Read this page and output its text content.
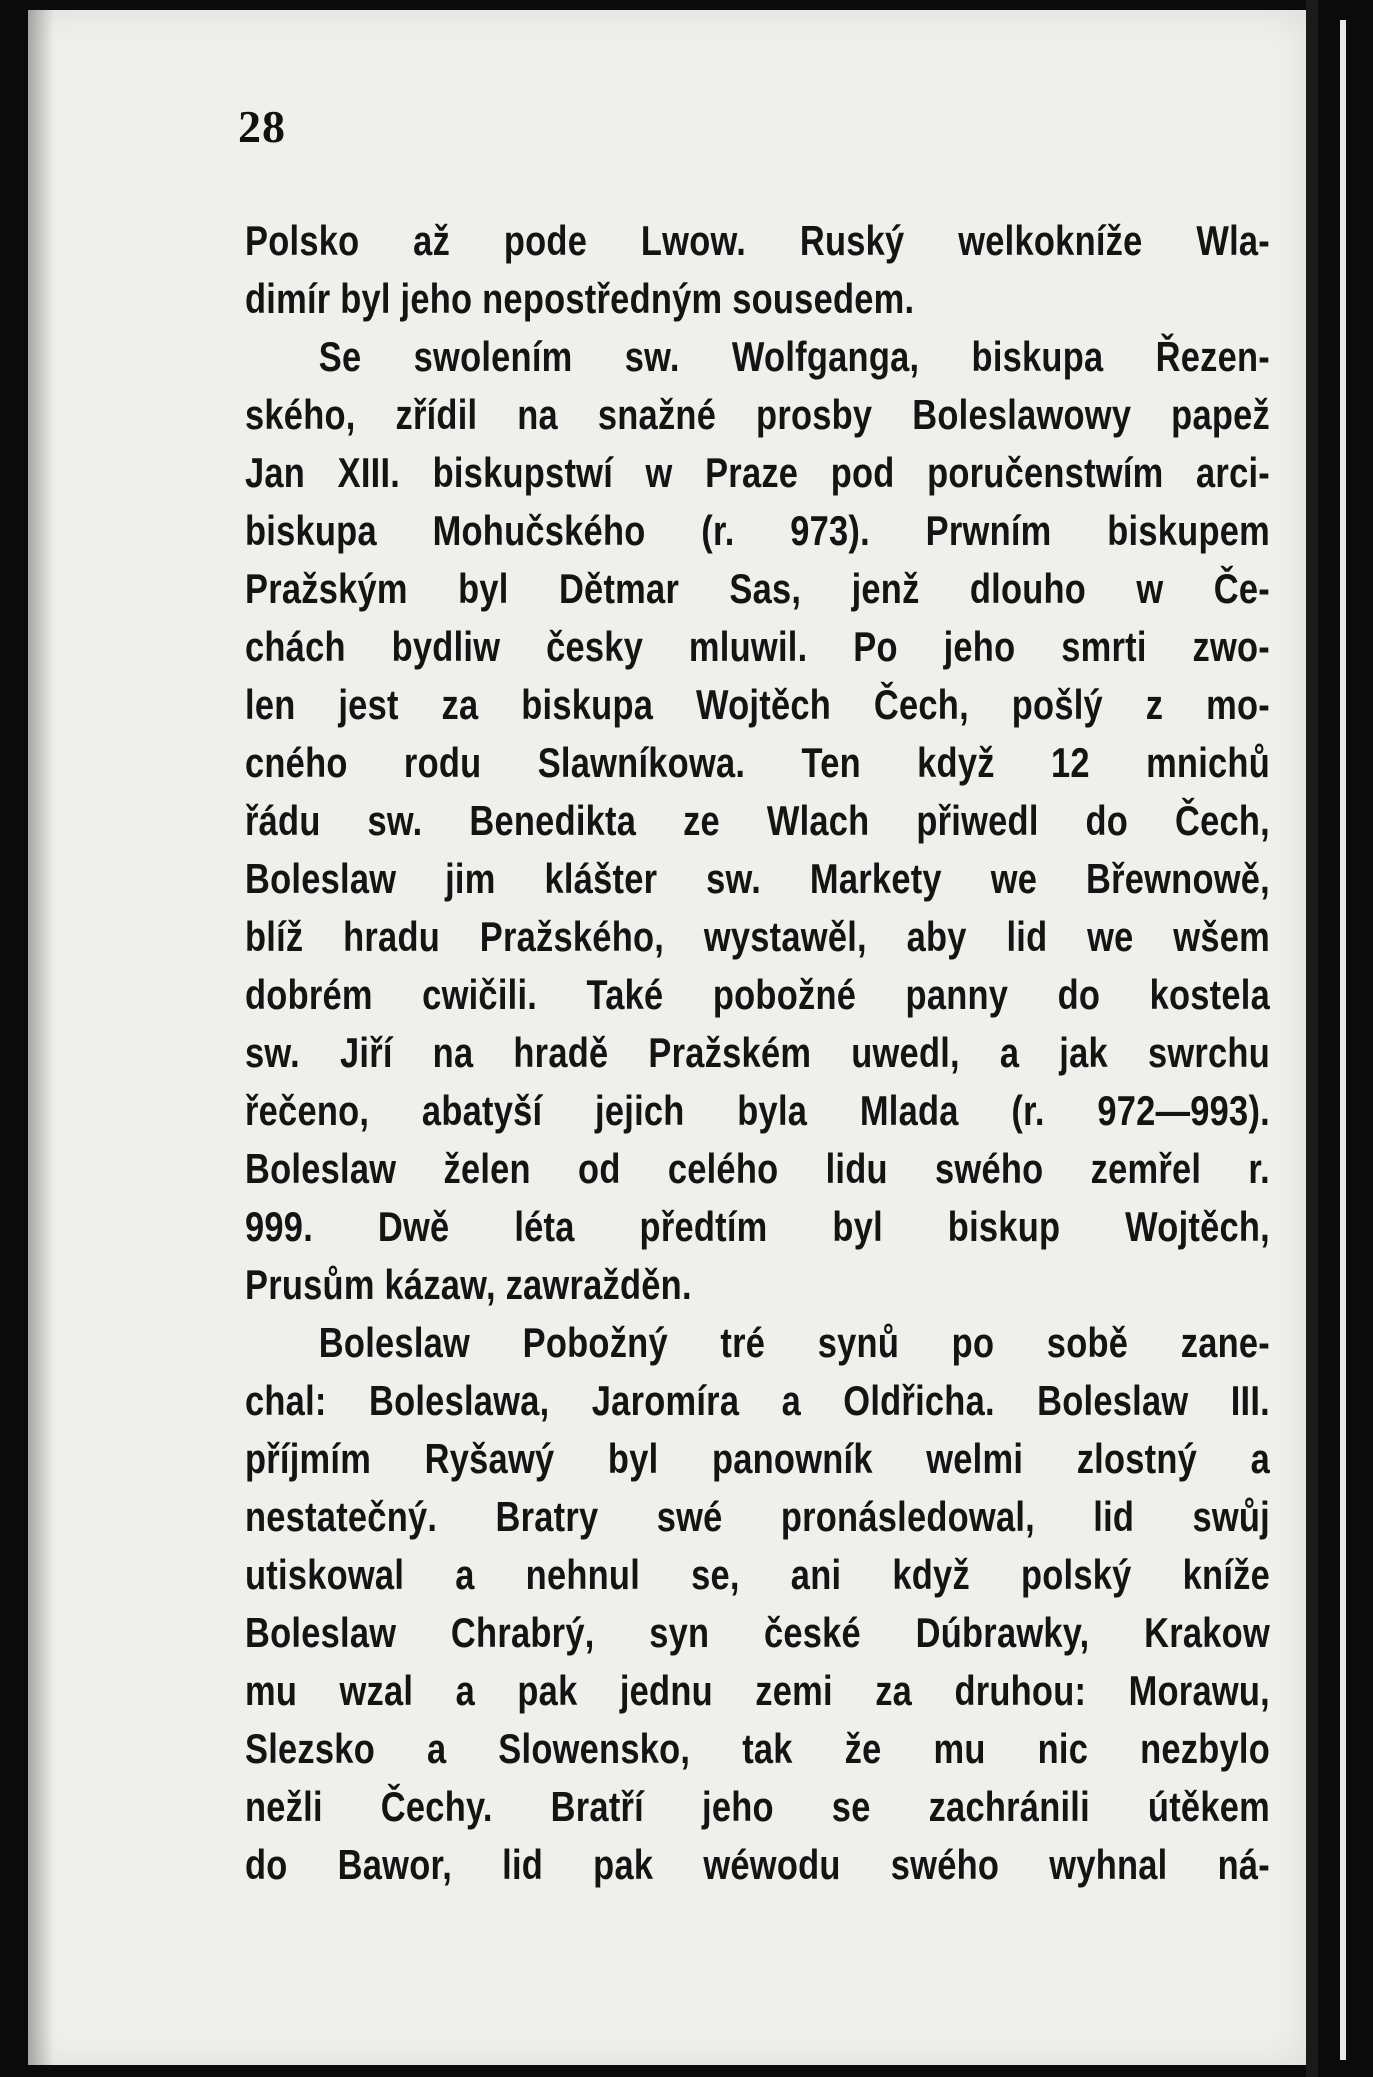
28
Polsko až pode Lwow. Ruský welkokníže Wla-
dimír byl jeho nepostředným sousedem.
Se swolením sw. Wolfganga, biskupa Řezen-
ského, zřídil na snažné prosby Boleslawowy papež
Jan XIII. biskupstwí w Praze pod poručenstwím arci-
biskupa Mohučského (r. 973). Prwním biskupem
Pražským byl Dětmar Sas, jenž dlouho w Če-
chách bydliw česky mluwil. Po jeho smrti zwo-
len jest za biskupa Wojtěch Čech, pošlý z mo-
cného rodu Slawníkowa. Ten když 12 mnichů
řádu sw. Benedikta ze Wlach přiwedl do Čech,
Boleslaw jim klášter sw. Markety we Břewnowě,
blíž hradu Pražského, wystawěl, aby lid we wšem
dobrém cwičili. Také pobožné panny do kostela
sw. Jiří na hradě Pražském uwedl, a jak swrchu
řečeno, abatyší jejich byla Mlada (r. 972—993).
Boleslaw želen od celého lidu swého zemřel r.
999. Dwě léta předtím byl biskup Wojtěch,
Prusům kázaw, zawražděn.
Boleslaw Pobožný tré synů po sobě zane-
chal: Boleslawa, Jaromíra a Oldřicha. Boleslaw III.
příjmím Ryšawý byl panowník welmi zlostný a
nestatečný. Bratry swé pronásledowal, lid swůj
utiskowal a nehnul se, ani když polský kníže
Boleslaw Chrabrý, syn české Dúbrawky, Krakow
mu wzal a pak jednu zemi za druhou: Morawu,
Slezsko a Slowensko, tak že mu nic nezbylo
nežli Čechy. Bratří jeho se zachránili útěkem
do Bawor, lid pak wéwodu swého wyhnal ná-
